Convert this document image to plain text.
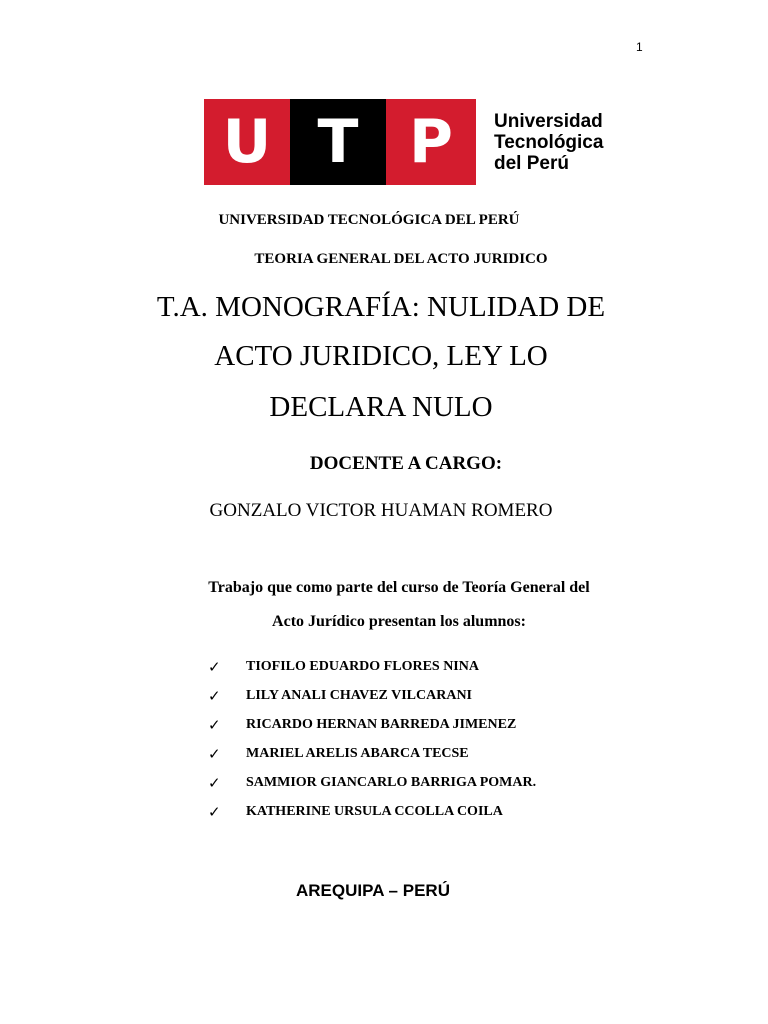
1
U T P	Universidad
Tecnológica
del Perú
UNIVERSIDAD TECNOLÓGICA DEL PERÚ
TEORIA GENERAL DEL ACTO JURIDICO
T.A. MONOGRAFÍA: NULIDAD DE
ACTO JURIDICO, LEY LO
DECLARA NULO
DOCENTE A CARGO:
GONZALO VICTOR HUAMAN ROMERO
Trabajo que como parte del curso de Teoría General del
Acto Jurídico presentan los alumnos:
✓	TIOFILO EDUARDO FLORES NINA
✓	LILY ANALI CHAVEZ VILCARANI
✓	RICARDO HERNAN BARREDA JIMENEZ
✓	MARIEL ARELIS ABARCA TECSE
✓	SAMMIOR GIANCARLO BARRIGA POMAR.
✓	KATHERINE URSULA CCOLLA COILA
AREQUIPA – PERÚ
